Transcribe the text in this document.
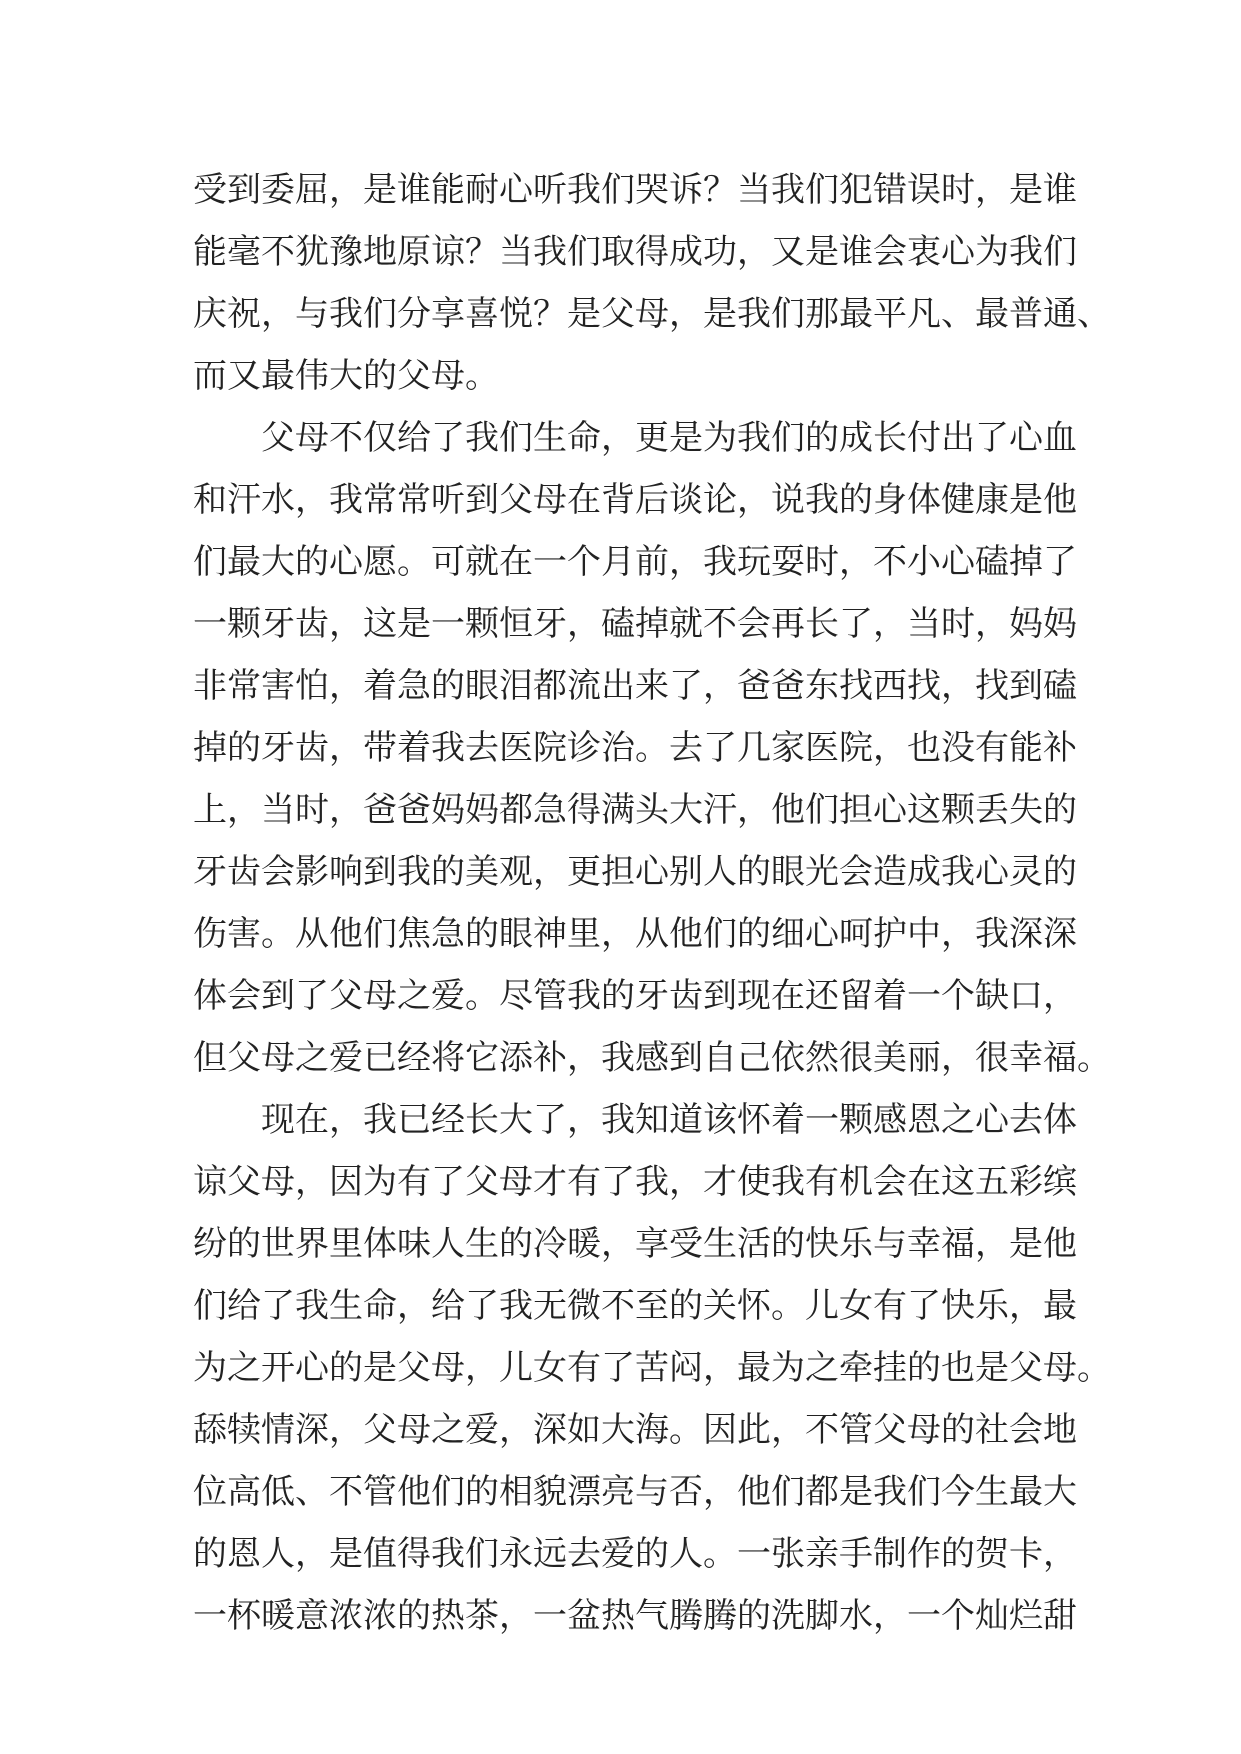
受到委屈，是谁能耐心听我们哭诉？当我们犯错误时，是谁
能毫不犹豫地原谅？当我们取得成功，又是谁会衷心为我们
庆祝，与我们分享喜悦？是父母，是我们那最平凡、最普通、
而又最伟大的父母。
父母不仅给了我们生命，更是为我们的成长付出了心血
和汗水，我常常听到父母在背后谈论，说我的身体健康是他
们最大的心愿。可就在一个月前，我玩耍时，不小心磕掉了
一颗牙齿，这是一颗恒牙，磕掉就不会再长了，当时，妈妈
非常害怕，着急的眼泪都流出来了，爸爸东找西找，找到磕
掉的牙齿，带着我去医院诊治。去了几家医院，也没有能补
上，当时，爸爸妈妈都急得满头大汗，他们担心这颗丢失的
牙齿会影响到我的美观，更担心别人的眼光会造成我心灵的
伤害。从他们焦急的眼神里，从他们的细心呵护中，我深深
体会到了父母之爱。尽管我的牙齿到现在还留着一个缺口，
但父母之爱已经将它添补，我感到自己依然很美丽，很幸福。
现在，我已经长大了，我知道该怀着一颗感恩之心去体
谅父母，因为有了父母才有了我，才使我有机会在这五彩缤
纷的世界里体味人生的冷暖，享受生活的快乐与幸福，是他
们给了我生命，给了我无微不至的关怀。儿女有了快乐，最
为之开心的是父母，儿女有了苦闷，最为之牵挂的也是父母。
舔犊情深，父母之爱，深如大海。因此，不管父母的社会地
位高低、不管他们的相貌漂亮与否，他们都是我们今生最大
的恩人，是值得我们永远去爱的人。一张亲手制作的贺卡，
一杯暖意浓浓的热茶，一盆热气腾腾的洗脚水，一个灿烂甜
